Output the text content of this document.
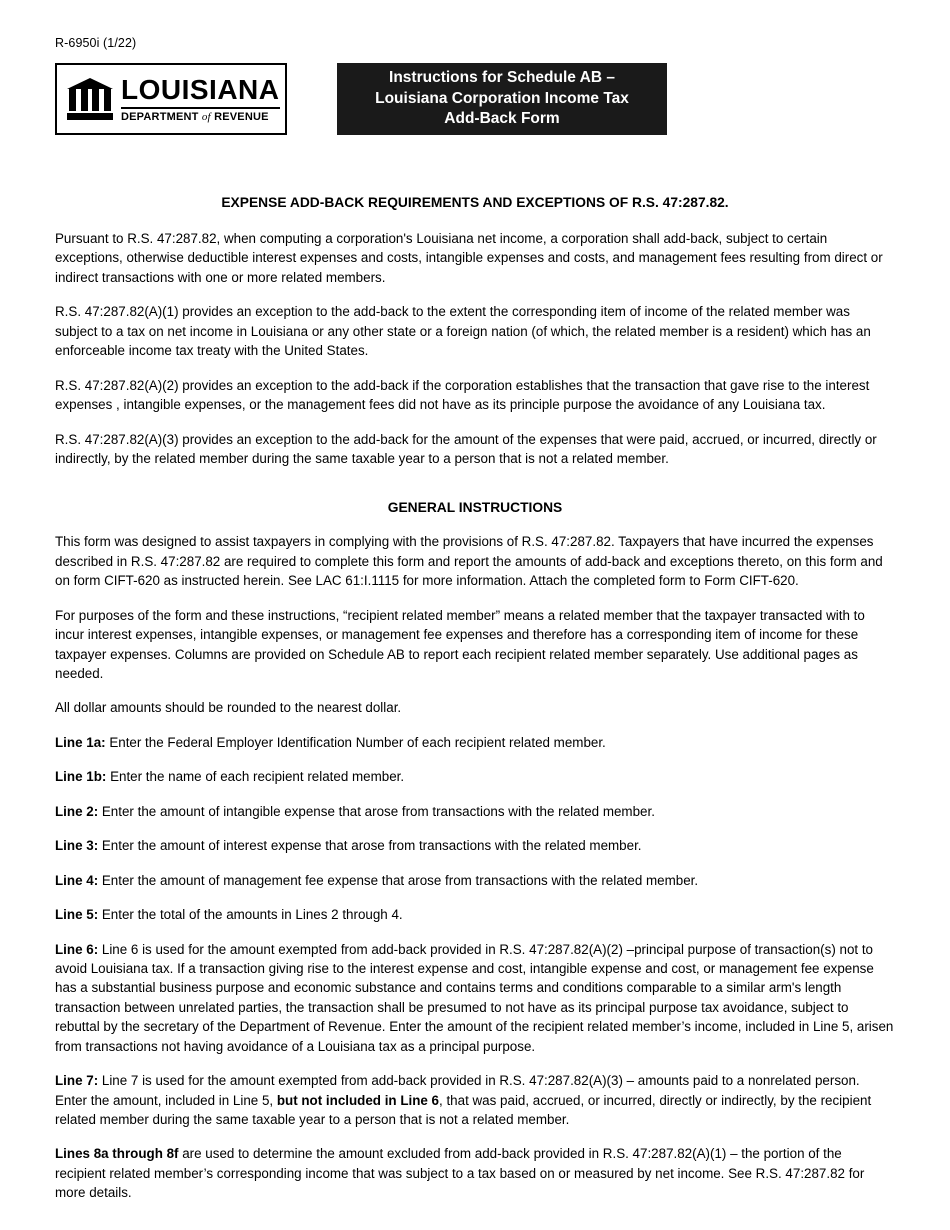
R-6950i (1/22)
LOUISIANA
DEPARTMENT of REVENUE
Instructions for Schedule AB –
Louisiana Corporation Income Tax
Add-Back Form
EXPENSE ADD-BACK REQUIREMENTS AND EXCEPTIONS OF R.S. 47:287.82.

Pursuant to R.S. 47:287.82, when computing a corporation's Louisiana net income, a corporation shall add-back, subject to certain exceptions, otherwise deductible interest expenses and costs, intangible expenses and costs, and management fees resulting from direct or indirect transactions with one or more related members.

R.S. 47:287.82(A)(1) provides an exception to the add-back to the extent the corresponding item of income of the related member was subject to a tax on net income in Louisiana or any other state or a foreign nation (of which, the related member is a resident) which has an enforceable income tax treaty with the United States.

R.S. 47:287.82(A)(2) provides an exception to the add-back if the corporation establishes that the transaction that gave rise to the interest expenses , intangible expenses, or the management fees did not have as its principle purpose the avoidance of any Louisiana tax.

R.S. 47:287.82(A)(3) provides an exception to the add-back for the amount of the expenses that were paid, accrued, or incurred, directly or indirectly, by the related member during the same taxable year to a person that is not a related member.

GENERAL INSTRUCTIONS

This form was designed to assist taxpayers in complying with the provisions of R.S. 47:287.82. Taxpayers that have incurred the expenses described in R.S. 47:287.82 are required to complete this form and report the amounts of add-back and exceptions thereto, on this form and on form CIFT-620 as instructed herein. See LAC 61:I.1115 for more information. Attach the completed form to Form CIFT-620.

For purposes of the form and these instructions, “recipient related member” means a related member that the taxpayer transacted with to incur interest expenses, intangible expenses, or management fee expenses and therefore has a corresponding item of income for these taxpayer expenses. Columns are provided on Schedule AB to report each recipient related member separately. Use additional pages as needed.

All dollar amounts should be rounded to the nearest dollar.

Line 1a: Enter the Federal Employer Identification Number of each recipient related member.

Line 1b: Enter the name of each recipient related member.

Line 2: Enter the amount of intangible expense that arose from transactions with the related member.

Line 3: Enter the amount of interest expense that arose from transactions with the related member.

Line 4: Enter the amount of management fee expense that arose from transactions with the related member.

Line 5: Enter the total of the amounts in Lines 2 through 4.

Line 6: Line 6 is used for the amount exempted from add-back provided in R.S. 47:287.82(A)(2) –principal purpose of transaction(s) not to avoid Louisiana tax. If a transaction giving rise to the interest expense and cost, intangible expense and cost, or management fee expense has a substantial business purpose and economic substance and contains terms and conditions comparable to a similar arm's length transaction between unrelated parties, the transaction shall be presumed to not have as its principal purpose tax avoidance, subject to rebuttal by the secretary of the Department of Revenue. Enter the amount of the recipient related member’s income, included in Line 5, arisen from transactions not having avoidance of a Louisiana tax as a principal purpose.

Line 7: Line 7 is used for the amount exempted from add-back provided in R.S. 47:287.82(A)(3) – amounts paid to a nonrelated person. Enter the amount, included in Line 5, but not included in Line 6, that was paid, accrued, or incurred, directly or indirectly, by the recipient related member during the same taxable year to a person that is not a related member.

Lines 8a through 8f are used to determine the amount excluded from add-back provided in R.S. 47:287.82(A)(1) – the portion of the recipient related member’s corresponding income that was subject to a tax based on or measured by net income. See R.S. 47:287.82 for more details.
